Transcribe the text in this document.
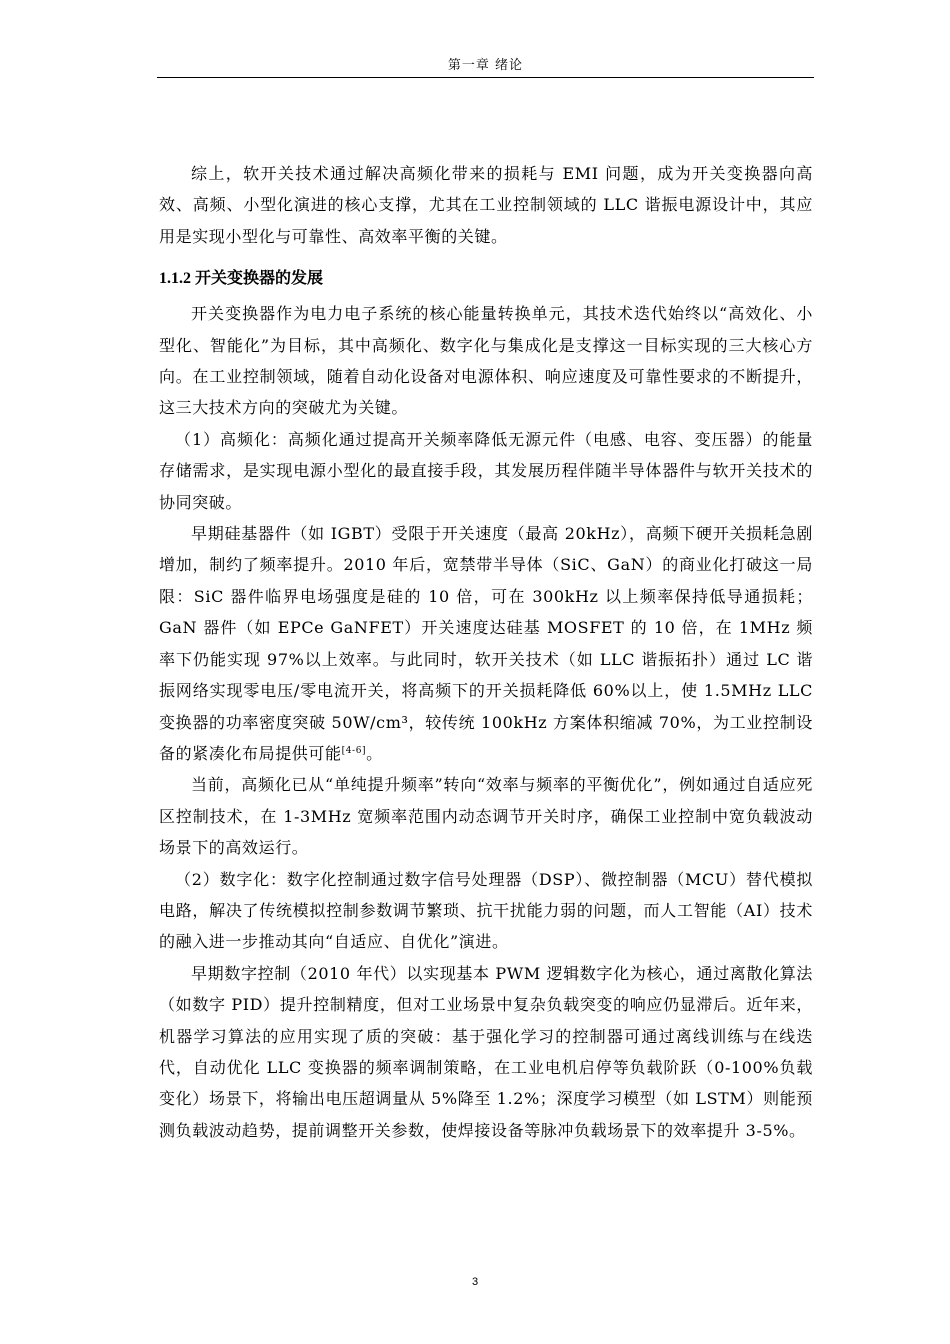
第一章 绪论

综上，软开关技术通过解决高频化带来的损耗与 EMI 问题，成为开关变换器向高效、高频、小型化演进的核心支撑，尤其在工业控制领域的 LLC 谐振电源设计中，其应用是实现小型化与可靠性、高效率平衡的关键。

1.1.2 开关变换器的发展

开关变换器作为电力电子系统的核心能量转换单元，其技术迭代始终以“高效化、小型化、智能化”为目标，其中高频化、数字化与集成化是支撑这一目标实现的三大核心方向。在工业控制领域，随着自动化设备对电源体积、响应速度及可靠性要求的不断提升，这三大技术方向的突破尤为关键。

（1）高频化：高频化通过提高开关频率降低无源元件（电感、电容、变压器）的能量存储需求，是实现电源小型化的最直接手段，其发展历程伴随半导体器件与软开关技术的协同突破。

早期硅基器件（如 IGBT）受限于开关速度（最高 20kHz），高频下硬开关损耗急剧增加，制约了频率提升。2010 年后，宽禁带半导体（SiC、GaN）的商业化打破这一局限：SiC 器件临界电场强度是硅的 10 倍，可在 300kHz 以上频率保持低导通损耗；GaN 器件（如 EPCe GaNFET）开关速度达硅基 MOSFET 的 10 倍，在 1MHz 频率下仍能实现 97%以上效率。与此同时，软开关技术（如 LLC 谐振拓扑）通过 LC 谐振网络实现零电压/零电流开关，将高频下的开关损耗降低 60%以上，使 1.5MHz LLC 变换器的功率密度突破 50W/cm³，较传统 100kHz 方案体积缩减 70%，为工业控制设备的紧凑化布局提供可能[4-6]。

当前，高频化已从“单纯提升频率”转向“效率与频率的平衡优化”，例如通过自适应死区控制技术，在 1-3MHz 宽频率范围内动态调节开关时序，确保工业控制中宽负载波动场景下的高效运行。

（2）数字化：数字化控制通过数字信号处理器（DSP）、微控制器（MCU）替代模拟电路，解决了传统模拟控制参数调节繁琐、抗干扰能力弱的问题，而人工智能（AI）技术的融入进一步推动其向“自适应、自优化”演进。

早期数字控制（2010 年代）以实现基本 PWM 逻辑数字化为核心，通过离散化算法（如数字 PID）提升控制精度，但对工业场景中复杂负载突变的响应仍显滞后。近年来，机器学习算法的应用实现了质的突破：基于强化学习的控制器可通过离线训练与在线迭代，自动优化 LLC 变换器的频率调制策略，在工业电机启停等负载阶跃（0-100%负载变化）场景下，将输出电压超调量从 5%降至 1.2%；深度学习模型（如 LSTM）则能预测负载波动趋势，提前调整开关参数，使焊接设备等脉冲负载场景下的效率提升 3-5%。

3
